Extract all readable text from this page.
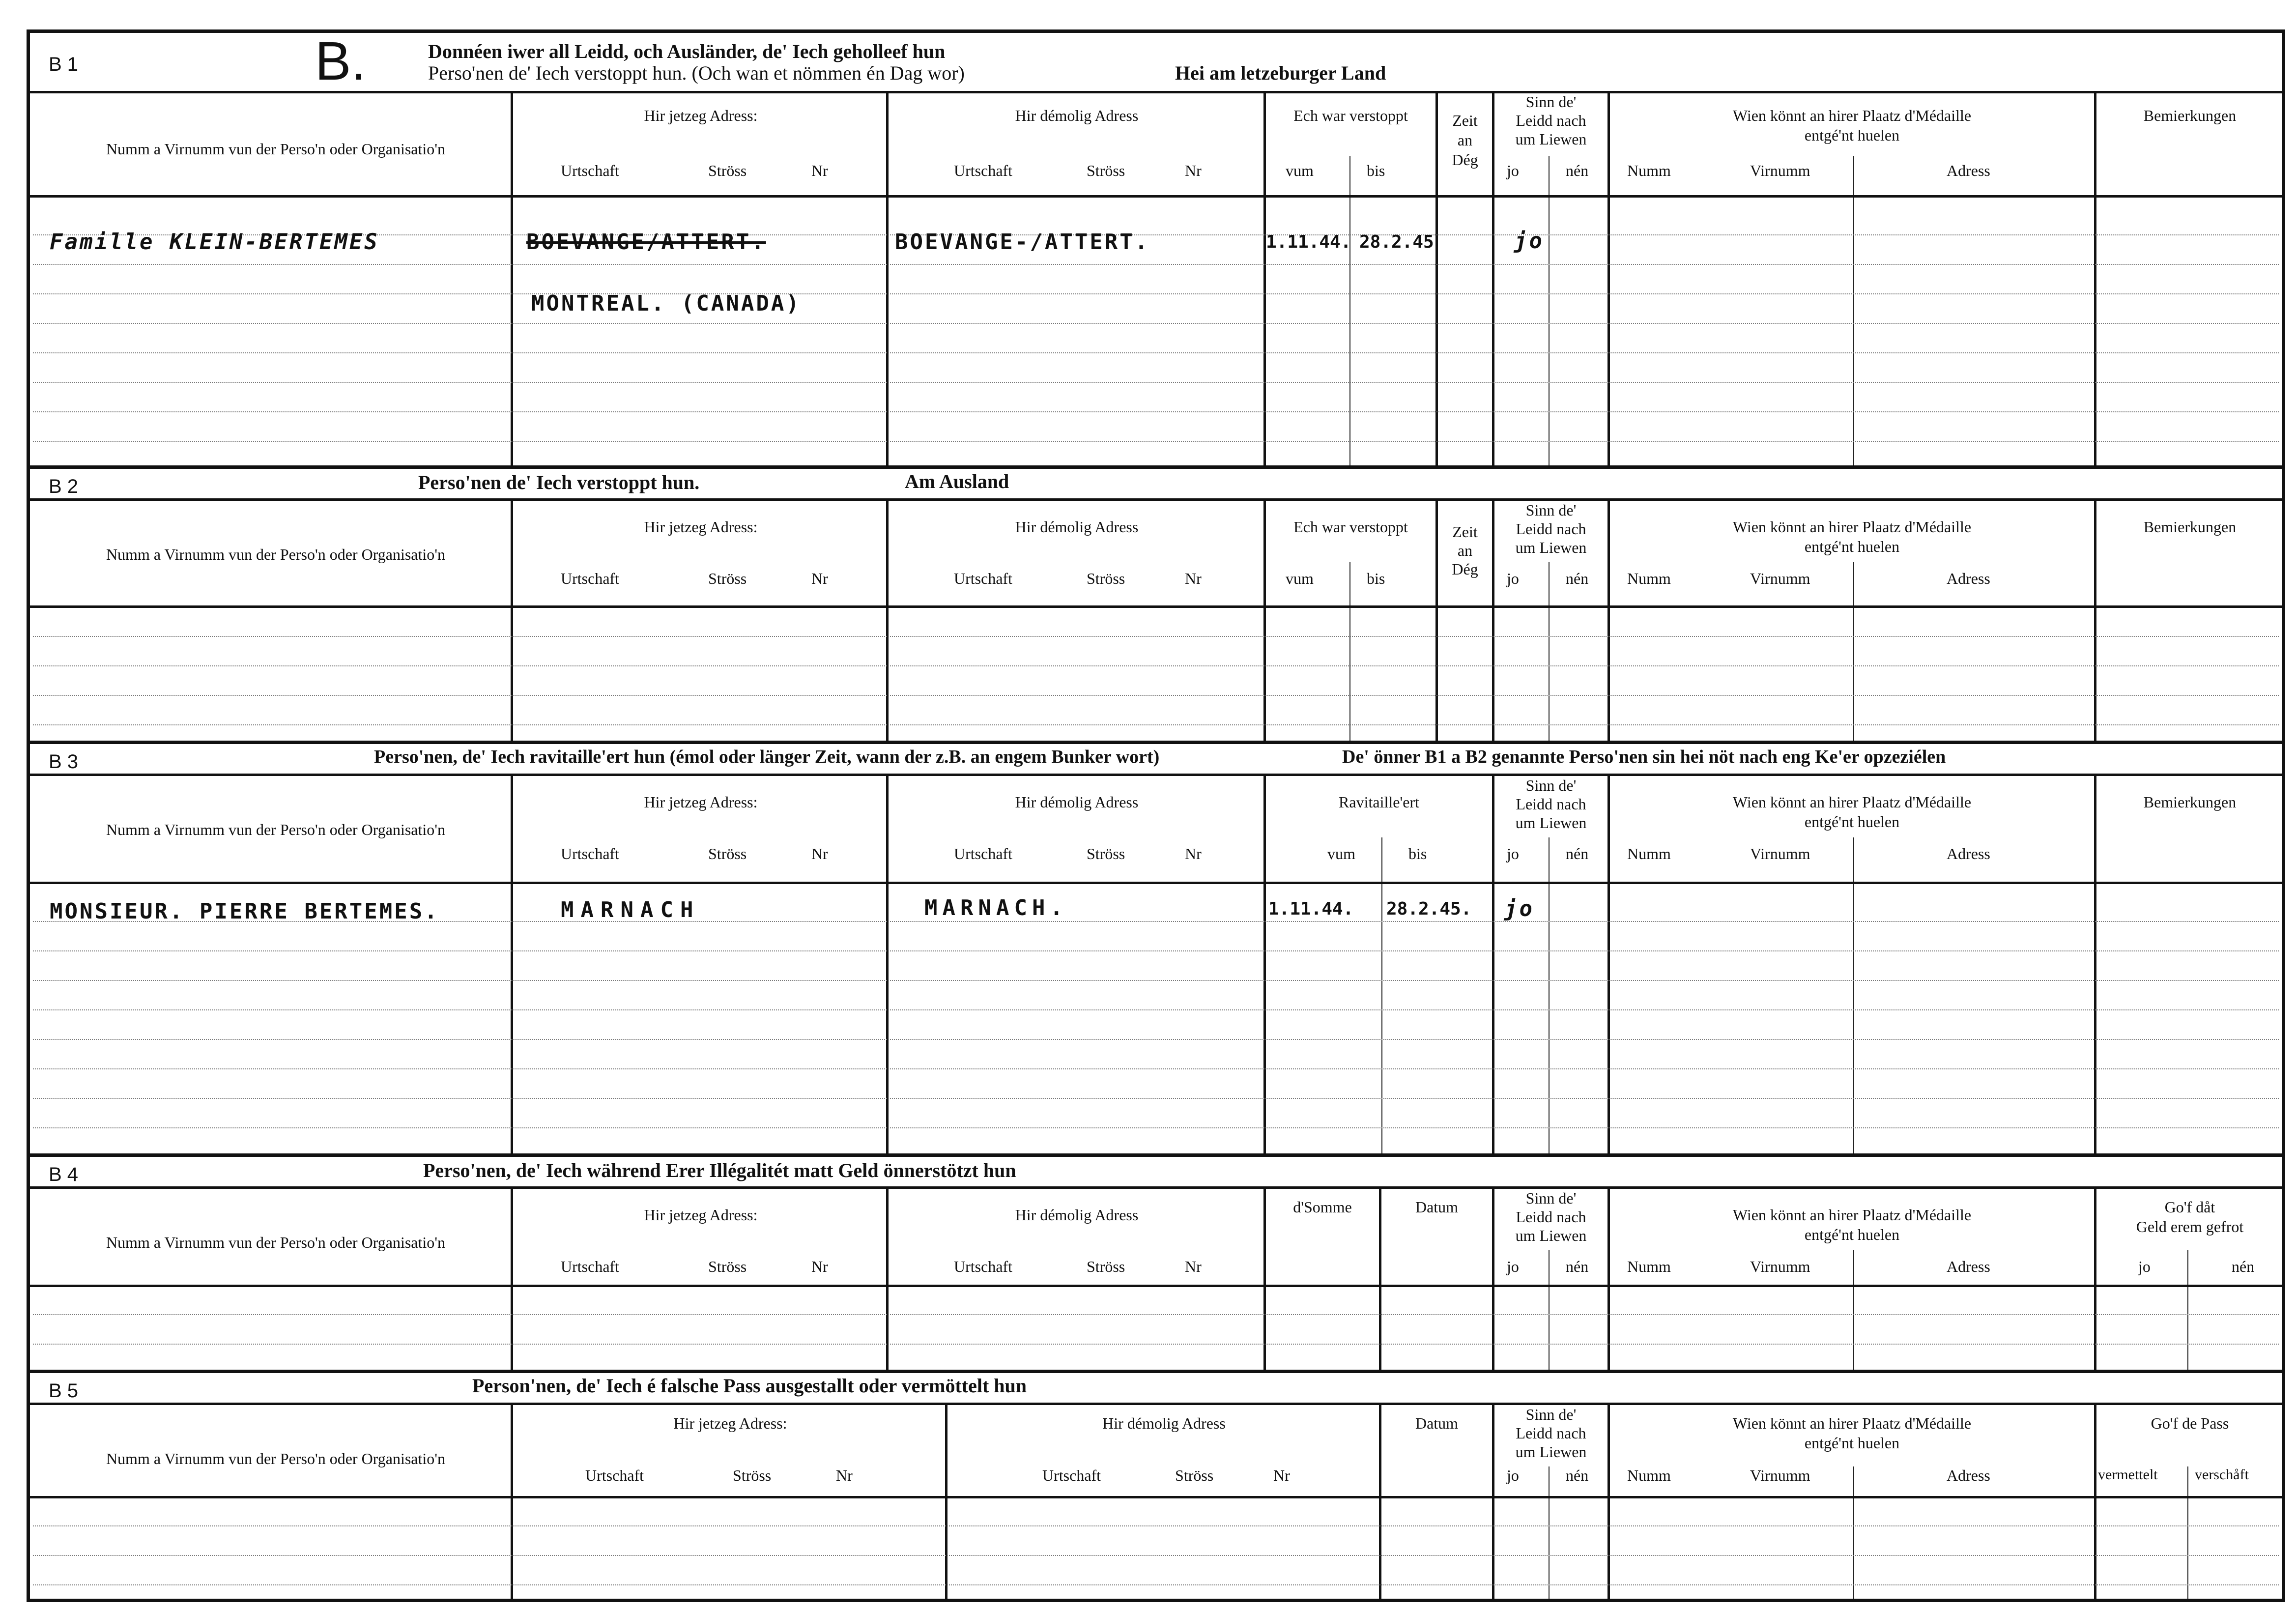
B 1	B.	Donnéen iwer all Leidd, och Ausländer, de' Iech geholleef hun
Perso'nen de' Iech verstoppt hun. (Och wan et nömmen én Dag wor)	Hei am letzeburger Land
Numm a Virnumm vun der Perso'n oder Organisatio'n
Hir jetzeg Adress:
Urtschaft	Ströss	Nr
Hir démolig Adress
Urtschaft	Ströss	Nr
Ech war verstoppt
vum	bis
Zeit
an
Dég
Sinn de'
Leidd nach
um Liewen
jo	nén
Wien könnt an hirer Plaatz d'Médaille
entgé'nt huelen
Numm	Virnumm	Adress
Bemierkungen
Famille KLEIN-BERTEMES	BOEVANGE/ATTERT.
MONTREAL. (CANADA)
BOEVANGE-/ATTERT.	1.11.44. 28.2.45	jo
B 2	Perso'nen de' Iech verstoppt hun.	Am Ausland
Numm a Virnumm vun der Perso'n oder Organisatio'n
Hir jetzeg Adress:
Urtschaft	Ströss	Nr
Hir démolig Adress
Urtschaft	Ströss	Nr
Ech war verstoppt
vum	bis
Zeit
an
Dég
Sinn de'
Leidd nach
um Liewen
jo	nén
Wien könnt an hirer Plaatz d'Médaille
entgé'nt huelen
Numm	Virnumm	Adress
Bemierkungen
B 3	Perso'nen, de' Iech ravitaille'ert hun (émol oder länger Zeit, wann der z.B. an engem Bunker wort)	De' önner B1 a B2 genannte Perso'nen sin hei nöt nach eng Ke'er opzeziélen
Numm a Virnumm vun der Perso'n oder Organisatio'n
Hir jetzeg Adress:
Urtschaft	Ströss	Nr
Hir démolig Adress
Urtschaft	Ströss	Nr
Ravitaille'ert
vum	bis
Sinn de'
Leidd nach
um Liewen
jo	nén
Wien könnt an hirer Plaatz d'Médaille
entgé'nt huelen
Numm	Virnumm	Adress
Bemierkungen
MONSIEUR. PIERRE BERTEMES.	MARNACH	MARNACH.	1.11.44. 28.2.45. jo
B 4	Perso'nen, de' Iech während Erer Illégalitét matt Geld önnerstötzt hun
Numm a Virnumm vun der Perso'n oder Organisatio'n
Hir jetzeg Adress:
Urtschaft	Ströss	Nr
Hir démolig Adress
Urtschaft	Ströss	Nr
d'Somme	Datum	Sinn de'
Leidd nach
um Liewen
jo	nén
Wien könnt an hirer Plaatz d'Médaille
entgé'nt huelen
Numm	Virnumm	Adress
Go'f dåt
Geld erem gefrot
jo	nén
B 5	Person'nen, de' Iech é falsche Pass ausgestallt oder vermöttelt hun
Numm a Virnumm vun der Perso'n oder Organisatio'n
Hir jetzeg Adress:
Urtschaft	Ströss	Nr
Hir démolig Adress
Urtschaft	Ströss	Nr
Datum	Sinn de'
Leidd nach
um Liewen
jo	nén
Wien könnt an hirer Plaatz d'Médaille
entgé'nt huelen
Numm	Virnumm	Adress
Go'f de Pass
vermettelt	verschåft
